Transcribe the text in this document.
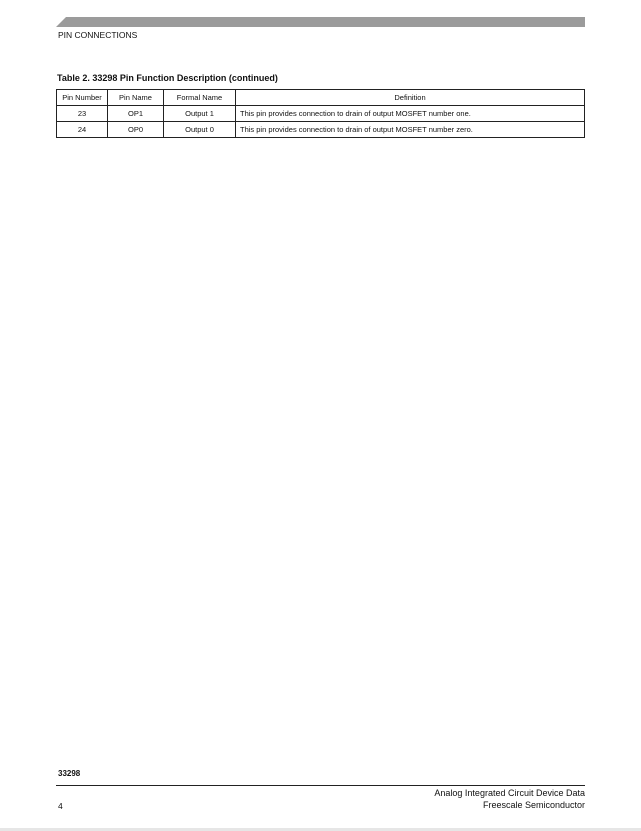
PIN CONNECTIONS
Table 2. 33298 Pin Function Description (continued)
Pin Number	Pin Name	Formal Name	Definition
23	OP1	Output 1	This pin provides connection to drain of output MOSFET number one.
24	OP0	Output 0	This pin provides connection to drain of output MOSFET number zero.
33298
4
Analog Integrated Circuit Device Data
Freescale Semiconductor
